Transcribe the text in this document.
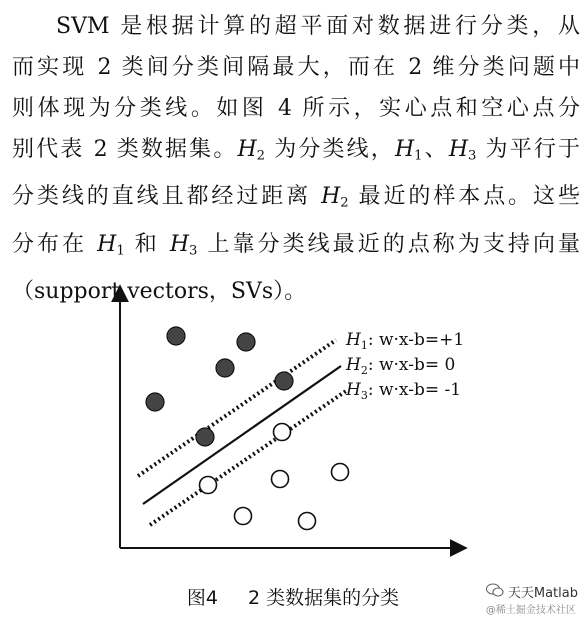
SVM 是根据计算的超平面对数据进行分类，从
而实现 2 类间分类间隔最大，而在 2 维分类问题中
则体现为分类线。如图 4 所示，实心点和空心点分
别代表 2 类数据集。$H_2$ 为分类线，$H_1$、$H_3$ 为平行于
分类线的直线且都经过距离 $H_2$ 最近的样本点。这些
分布在 $H_1$ 和 $H_3$ 上靠分类线最近的点称为支持向量
（support vectors，SVs）。
$H_1$: w·x-b=+1
$H_2$: w·x-b= 0
$H_3$: w·x-b= -1
图4 2 类数据集的分类	天天Matlab
@稀土掘金技术社区
